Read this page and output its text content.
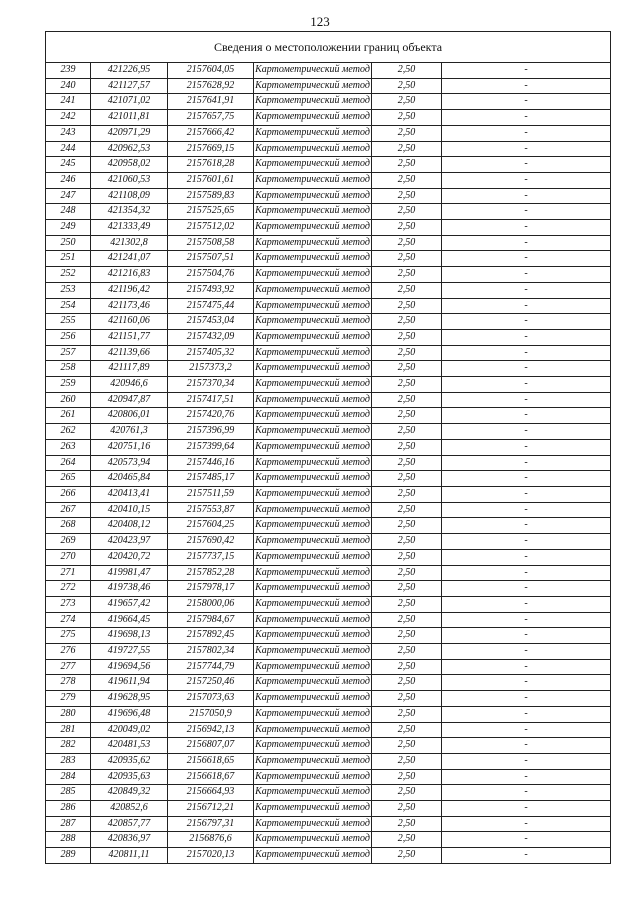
123
Сведения о местоположении границ объекта					
239	421226,95	2157604,05	Картометрический метод	2,50	-
240	421127,57	2157628,92	Картометрический метод	2,50	-
241	421071,02	2157641,91	Картометрический метод	2,50	-
242	421011,81	2157657,75	Картометрический метод	2,50	-
243	420971,29	2157666,42	Картометрический метод	2,50	-
244	420962,53	2157669,15	Картометрический метод	2,50	-
245	420958,02	2157618,28	Картометрический метод	2,50	-
246	421060,53	2157601,61	Картометрический метод	2,50	-
247	421108,09	2157589,83	Картометрический метод	2,50	-
248	421354,32	2157525,65	Картометрический метод	2,50	-
249	421333,49	2157512,02	Картометрический метод	2,50	-
250	421302,8	2157508,58	Картометрический метод	2,50	-
251	421241,07	2157507,51	Картометрический метод	2,50	-
252	421216,83	2157504,76	Картометрический метод	2,50	-
253	421196,42	2157493,92	Картометрический метод	2,50	-
254	421173,46	2157475,44	Картометрический метод	2,50	-
255	421160,06	2157453,04	Картометрический метод	2,50	-
256	421151,77	2157432,09	Картометрический метод	2,50	-
257	421139,66	2157405,32	Картометрический метод	2,50	-
258	421117,89	2157373,2	Картометрический метод	2,50	-
259	420946,6	2157370,34	Картометрический метод	2,50	-
260	420947,87	2157417,51	Картометрический метод	2,50	-
261	420806,01	2157420,76	Картометрический метод	2,50	-
262	420761,3	2157396,99	Картометрический метод	2,50	-
263	420751,16	2157399,64	Картометрический метод	2,50	-
264	420573,94	2157446,16	Картометрический метод	2,50	-
265	420465,84	2157485,17	Картометрический метод	2,50	-
266	420413,41	2157511,59	Картометрический метод	2,50	-
267	420410,15	2157553,87	Картометрический метод	2,50	-
268	420408,12	2157604,25	Картометрический метод	2,50	-
269	420423,97	2157690,42	Картометрический метод	2,50	-
270	420420,72	2157737,15	Картометрический метод	2,50	-
271	419981,47	2157852,28	Картометрический метод	2,50	-
272	419738,46	2157978,17	Картометрический метод	2,50	-
273	419657,42	2158000,06	Картометрический метод	2,50	-
274	419664,45	2157984,67	Картометрический метод	2,50	-
275	419698,13	2157892,45	Картометрический метод	2,50	-
276	419727,55	2157802,34	Картометрический метод	2,50	-
277	419694,56	2157744,79	Картометрический метод	2,50	-
278	419611,94	2157250,46	Картометрический метод	2,50	-
279	419628,95	2157073,63	Картометрический метод	2,50	-
280	419696,48	2157050,9	Картометрический метод	2,50	-
281	420049,02	2156942,13	Картометрический метод	2,50	-
282	420481,53	2156807,07	Картометрический метод	2,50	-
283	420935,62	2156618,65	Картометрический метод	2,50	-
284	420935,63	2156618,67	Картометрический метод	2,50	-
285	420849,32	2156664,93	Картометрический метод	2,50	-
286	420852,6	2156712,21	Картометрический метод	2,50	-
287	420857,77	2156797,31	Картометрический метод	2,50	-
288	420836,97	2156876,6	Картометрический метод	2,50	-
289	420811,11	2157020,13	Картометрический метод	2,50	-
